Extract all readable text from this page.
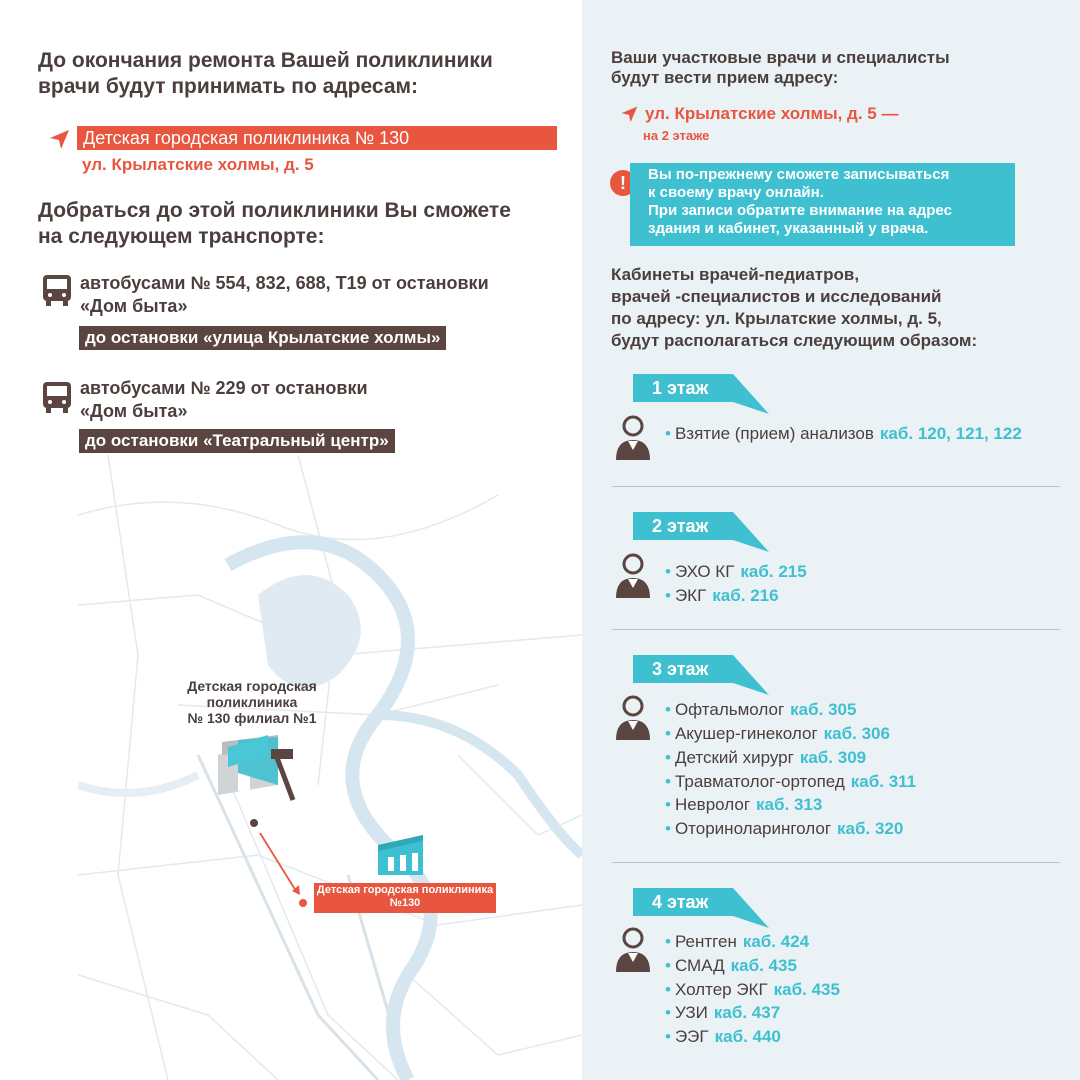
До окончания ремонта Вашей поликлиники
врачи будут принимать по адресам:
Детская городская поликлиника № 130
ул. Крылатские холмы, д. 5
Добраться до этой поликлиники Вы сможете
на следующем транспорте:
автобусами № 554, 832, 688, Т19 от остановки
«Дом быта»
до остановки «улица Крылатские холмы»
автобусами № 229 от остановки
«Дом быта»
до остановки «Театральный центр»
Детская городская
поликлиника
№ 130 филиал №1
Детская городская поликлиника
№130
Ваши участковые врачи и специалисты
будут вести прием адресу:
ул. Крылатские холмы, д. 5 —
на 2 этаже
!	Вы по-прежнему сможете записываться
к своему врачу онлайн.
При записи обратите внимание на адрес
здания и кабинет, указанный у врача.
Кабинеты врачей-педиатров,
врачей -специалистов и исследований
по адресу: ул. Крылатские холмы, д. 5,
будут располагаться следующим образом:
1 этаж
• Взятие (прием) анализов каб. 120, 121, 122
2 этаж
• ЭХО КГ каб. 215
• ЭКГ каб. 216
3 этаж
• Офтальмолог каб. 305
• Акушер-гинеколог каб. 306
• Детский хирург каб. 309
• Травматолог-ортопед каб. 311
• Невролог каб. 313
• Оториноларинголог каб. 320
4 этаж
• Рентген каб. 424
• СМАД каб. 435
• Холтер ЭКГ каб. 435
• УЗИ каб. 437
• ЭЭГ каб. 440
